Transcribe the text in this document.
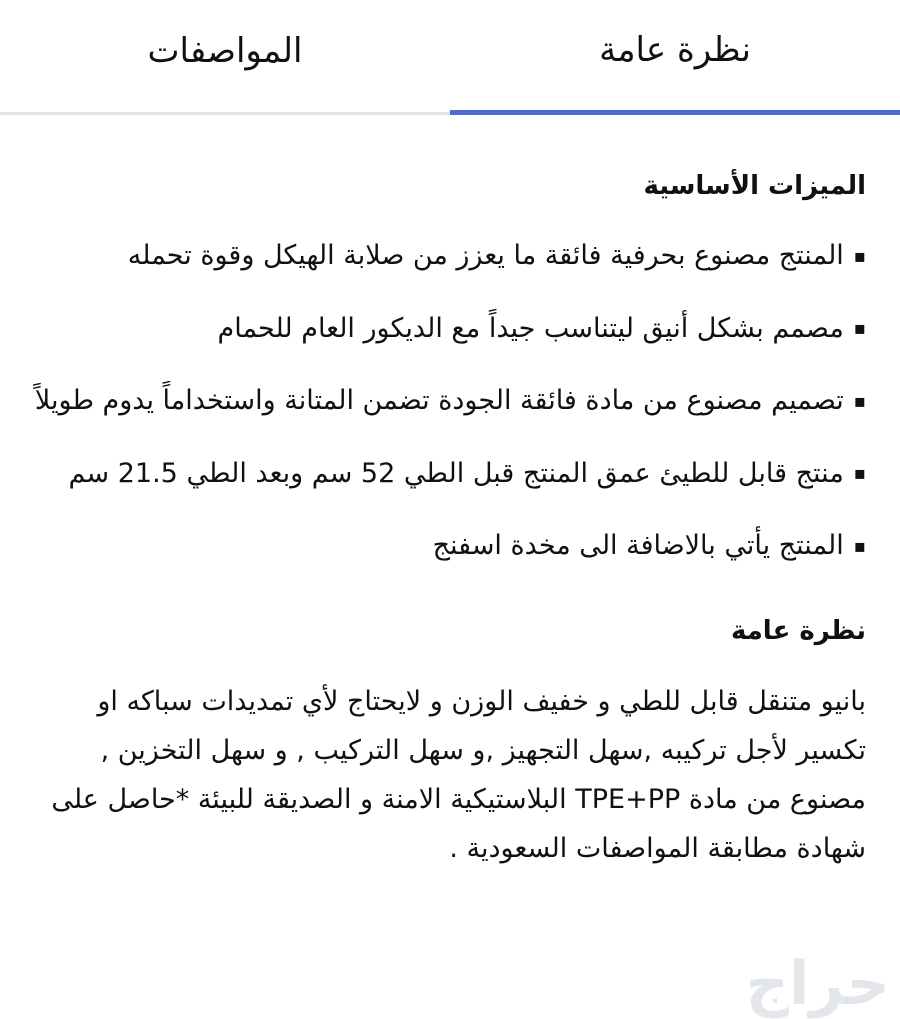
نظرة عامة
المواصفات
الميزات الأساسية
▪المنتج مصنوع بحرفية فائقة ما يعزز من صلابة الهيكل وقوة تحمله
▪مصمم بشكل أنيق ليتناسب جيداً مع الديكور العام للحمام
▪تصميم مصنوع من مادة فائقة الجودة تضمن المتانة واستخداماً يدوم طويلاً
▪منتج قابل للطيئ عمق المنتج قبل الطي 52 سم وبعد الطي 21.5 سم
▪المنتج يأتي بالاضافة الى مخدة اسفنج
نظرة عامة

بانيو متنقل قابل للطي و خفيف الوزن و لايحتاج لأي تمديدات سباكه او تكسير لأجل تركيبه ,سهل التجهيز ,و سهل التركيب , و سهل التخزين , مصنوع من مادة TPE+PP البلاستيكية الامنة و الصديقة للبيئة *حاصل على شهادة مطابقة المواصفات السعودية .

حراج
